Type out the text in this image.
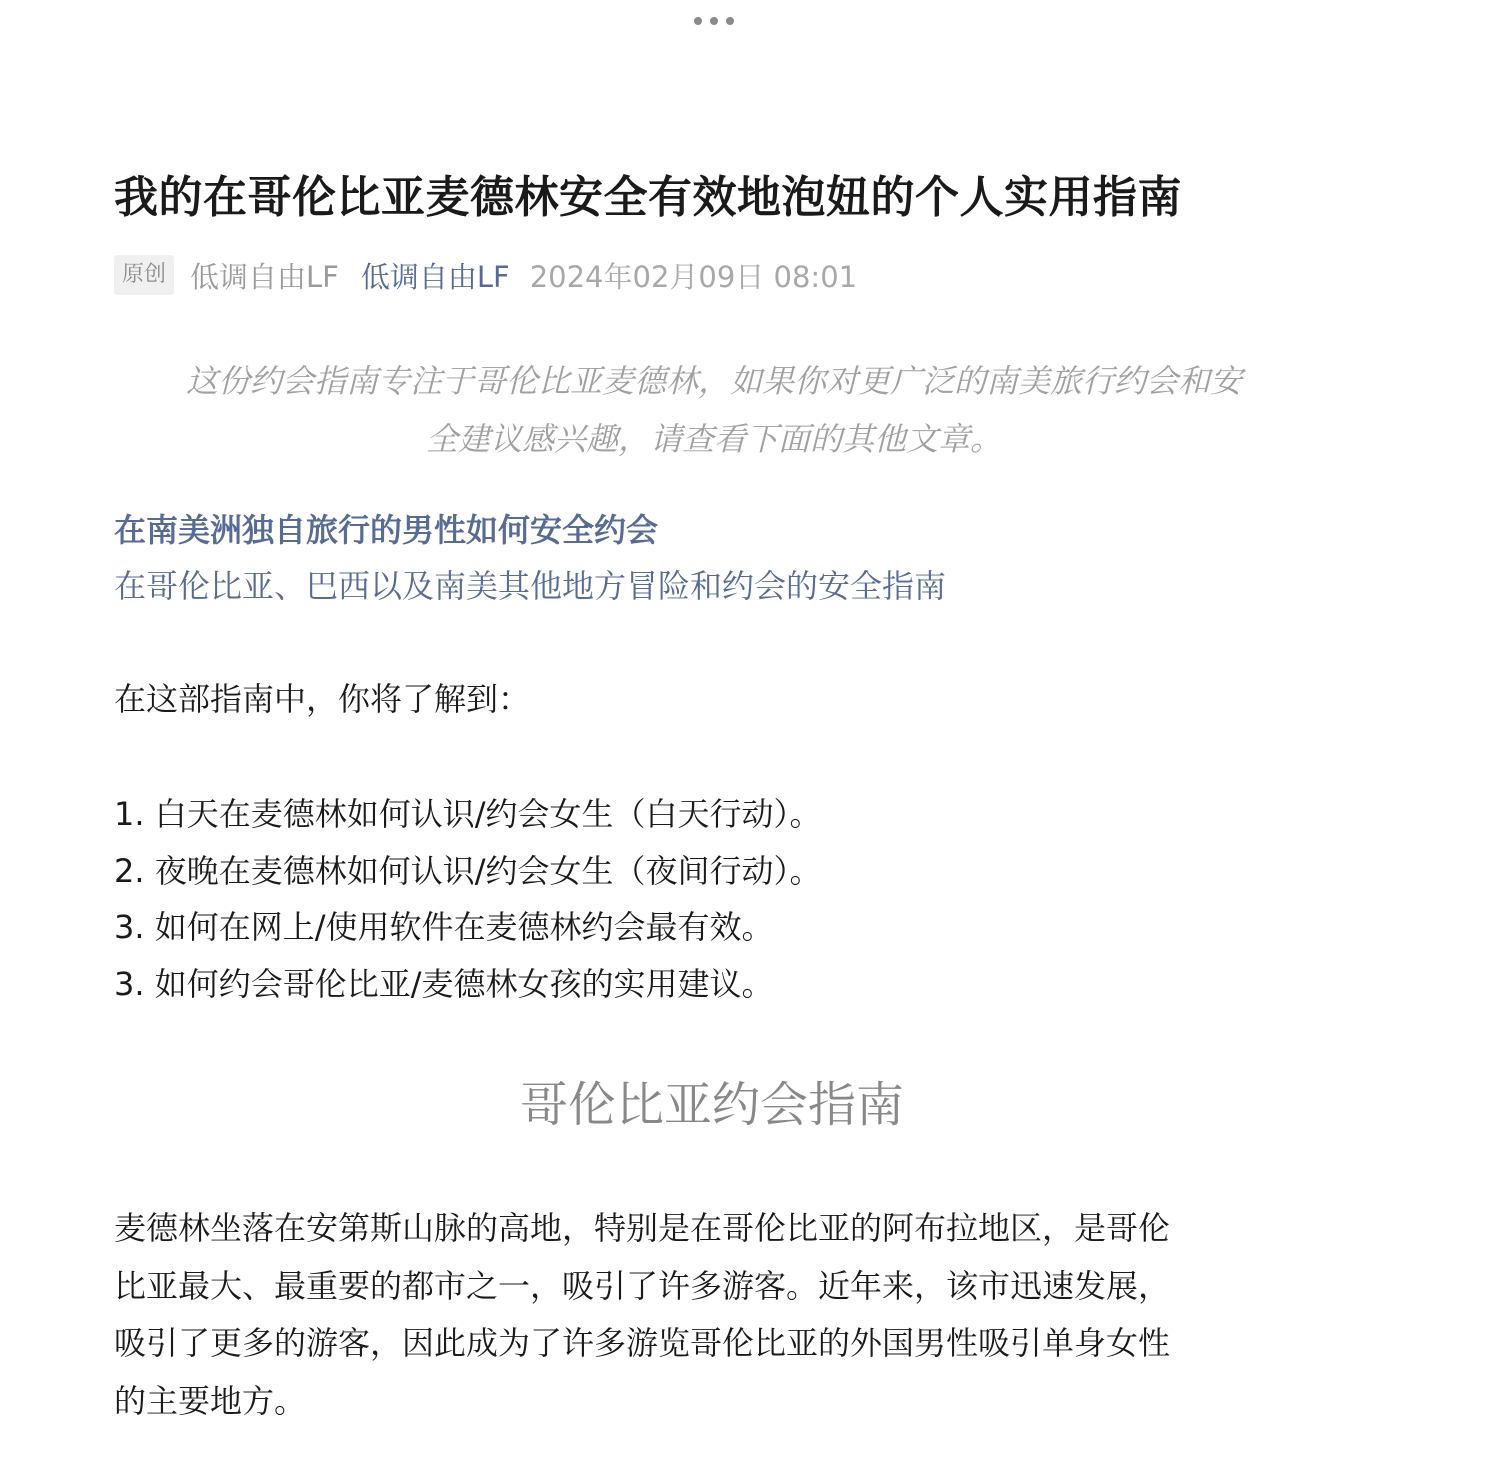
我的在哥伦比亚麦德林安全有效地泡妞的个人实用指南
原创 低调自由LF 低调自由LF 2024年02月09日 08:01
这份约会指南专注于哥伦比亚麦德林，如果你对更广泛的南美旅行约会和安
全建议感兴趣，请查看下面的其他文章。
在南美洲独自旅行的男性如何安全约会
在哥伦比亚、巴西以及南美其他地方冒险和约会的安全指南
在这部指南中，你将了解到：
1. 白天在麦德林如何认识/约会女生（白天行动）。
2. 夜晚在麦德林如何认识/约会女生（夜间行动）。
3. 如何在网上/使用软件在麦德林约会最有效。
3. 如何约会哥伦比亚/麦德林女孩的实用建议。
哥伦比亚约会指南
麦德林坐落在安第斯山脉的高地，特别是在哥伦比亚的阿布拉地区，是哥伦
比亚最大、最重要的都市之一，吸引了许多游客。近年来，该市迅速发展，
吸引了更多的游客，因此成为了许多游览哥伦比亚的外国男性吸引单身女性
的主要地方。
